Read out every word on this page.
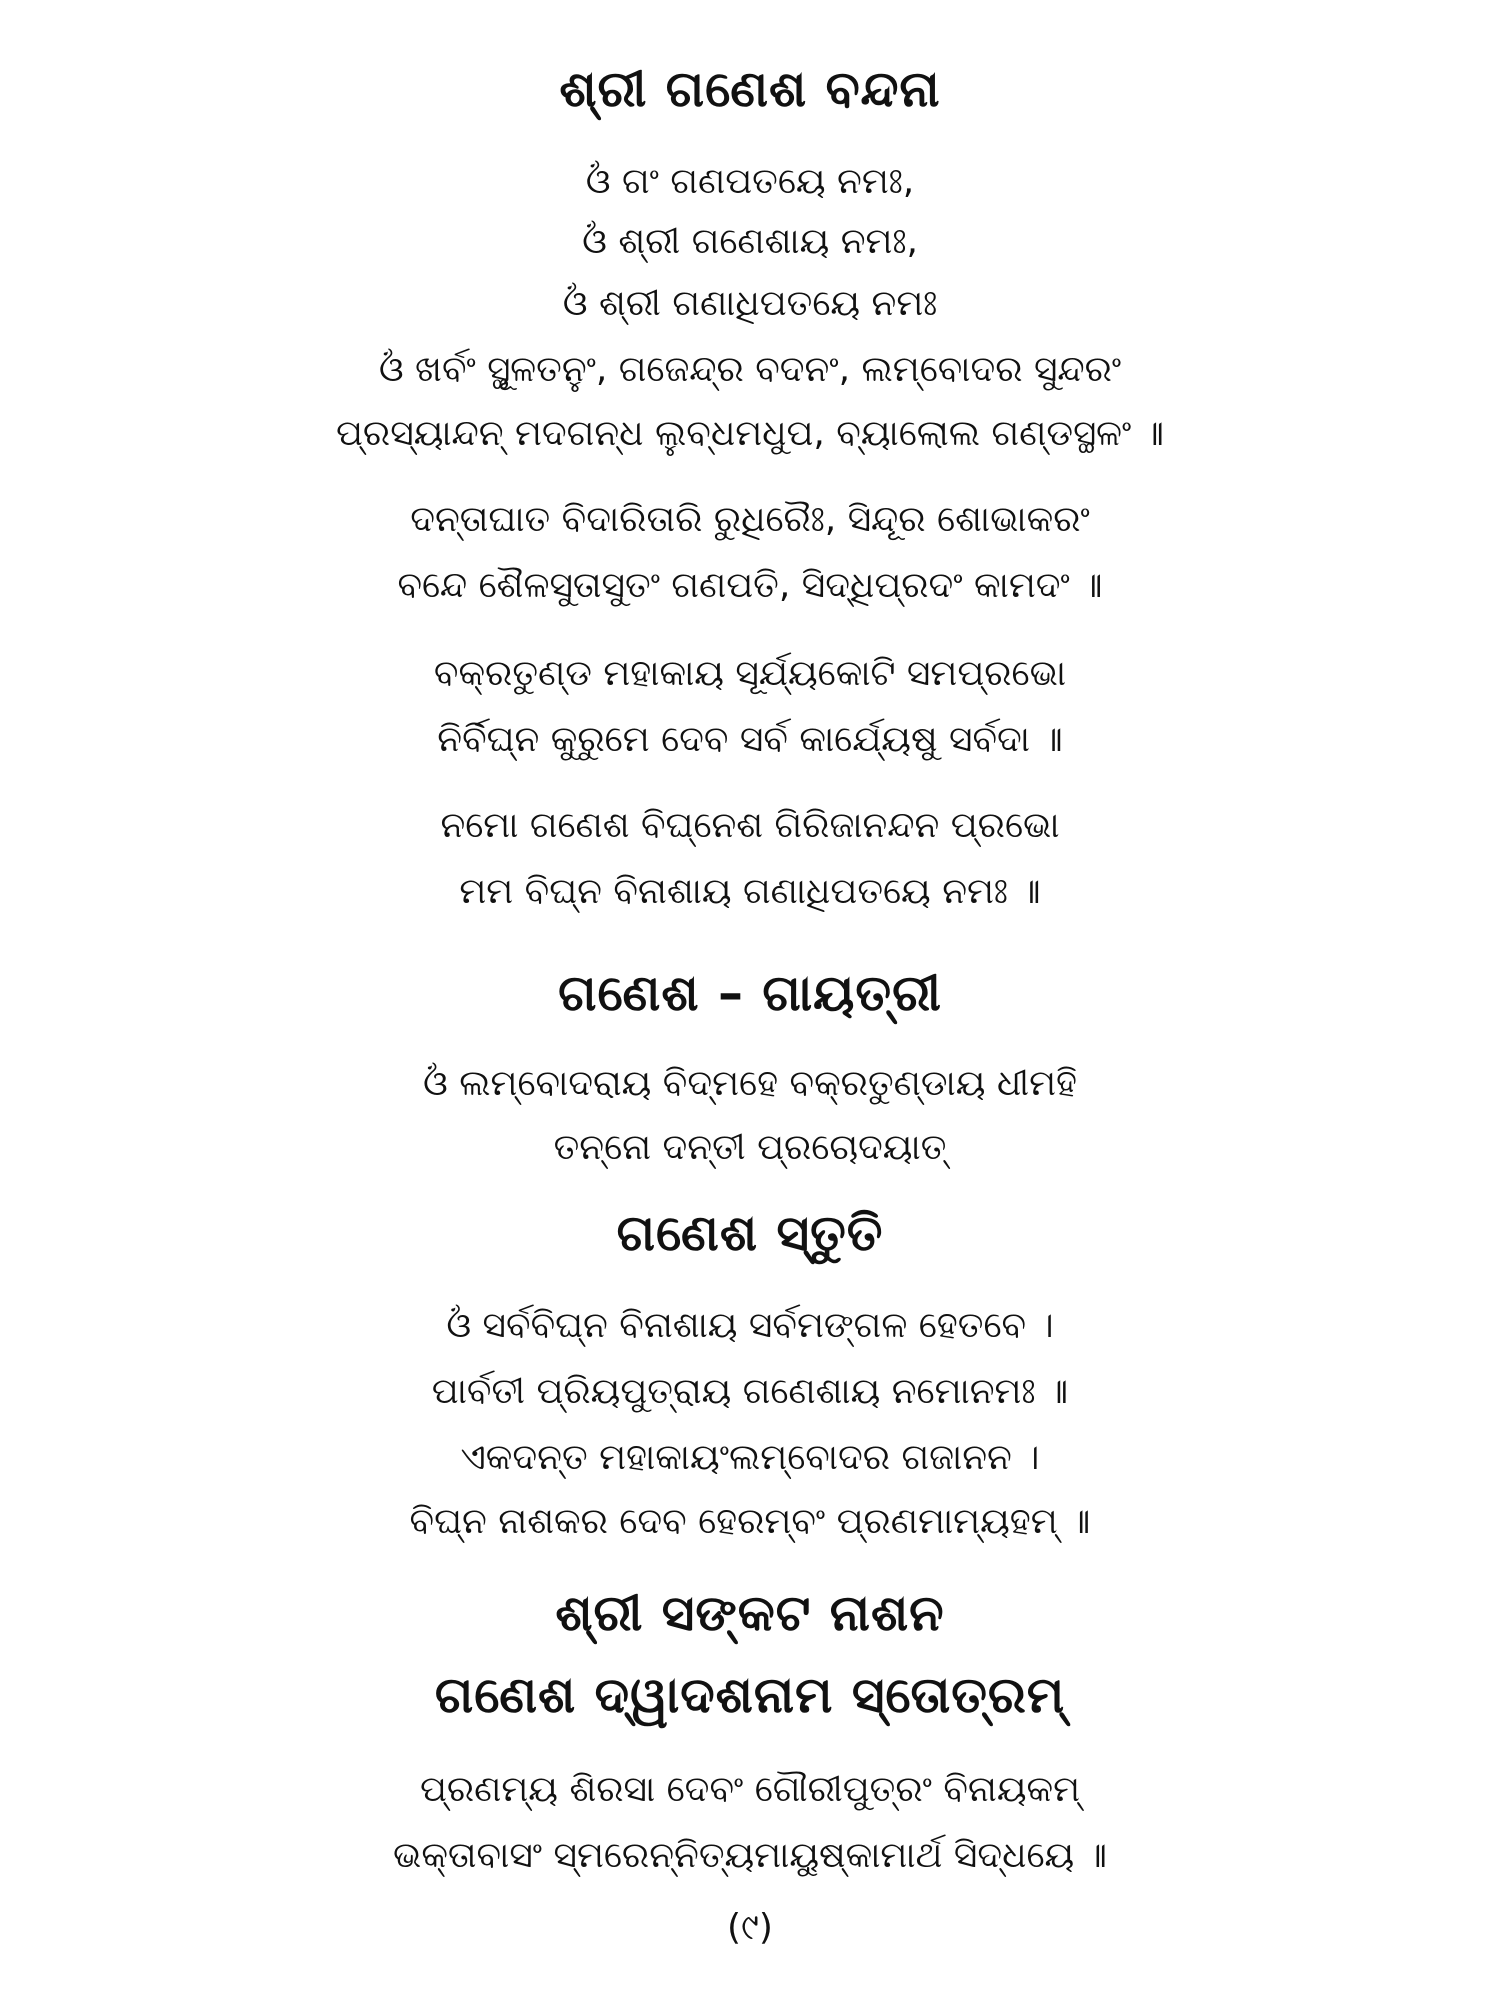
ଶ୍ରୀ ଗଣେଶ ବନ୍ଦନା
ଓଁ ଗଂ ଗଣପତୟେ ନମଃ,
ଓଁ ଶ୍ରୀ ଗଣେଶାୟ ନମଃ,
ଓଁ ଶ୍ରୀ ଗଣାଧିପତୟେ ନମଃ
ଓଁ ଖର୍ବଂ ସ୍ଥୂଳତନୁଂ, ଗଜେନ୍ଦ୍ର ବଦନଂ, ଲମ୍ବୋଦର ସୁନ୍ଦରଂ
ପ୍ରସ୍ୟାନ୍ଦନ୍ ମଦଗନ୍ଧ ଲୁବ୍ଧମଧୁପ, ବ୍ୟାଲୋଲ ଗଣ୍ଡସ୍ଥଳଂ ॥
ଦନ୍ତାଘାତ ବିଦାରିତାରି ରୁଧିରୈଃ, ସିନ୍ଦୂର ଶୋଭାକରଂ
ବନ୍ଦେ ଶୈଳସୁତାସୁତଂ ଗଣପତି, ସିଦ୍ଧିପ୍ରଦଂ କାମଦଂ ॥
ବକ୍ରତୁଣ୍ଡ ମହାକାୟ ସୂର୍ଯ୍ୟକୋଟି ସମପ୍ରଭୋ
ନିର୍ବିଘ୍ନ କୁରୁମେ ଦେବ ସର୍ବ କାର୍ଯ୍ୟେଷୁ ସର୍ବଦା ॥
ନମୋ ଗଣେଶ ବିଘ୍ନେଶ ଗିରିଜାନନ୍ଦନ ପ୍ରଭୋ
ମମ ବିଘ୍ନ ବିନାଶାୟ ଗଣାଧିପତୟେ ନମଃ ॥
ଗଣେଶ – ଗାୟତ୍ରୀ
ଓଁ ଲମ୍ବୋଦରାୟ ବିଦ୍ମହେ ବକ୍ରତୁଣ୍ଡାୟ ଧୀମହି
ତନ୍ନୋ ଦନ୍ତୀ ପ୍ରଚୋଦୟାତ୍
ଗଣେଶ ସ୍ତୁତି
ଓଁ ସର୍ବବିଘ୍ନ ବିନାଶାୟ ସର୍ବମଙ୍ଗଳ ହେତବେ ।
ପାର୍ବତୀ ପ୍ରିୟପୁତ୍ରାୟ ଗଣେଶାୟ ନମୋନମଃ ॥
ଏକଦନ୍ତ ମହାକାୟଂଲମ୍ବୋଦର ଗଜାନନ ।
ବିଘ୍ନ ନାଶକର ଦେବ ହେରମ୍ବଂ ପ୍ରଣମାମ୍ୟହମ୍ ॥
ଶ୍ରୀ ସଙ୍କଟ ନାଶନ
ଗଣେଶ ଦ୍ୱାଦଶନାମ ସ୍ତୋତ୍ରମ୍
ପ୍ରଣମ୍ୟ ଶିରସା ଦେବଂ ଗୌରୀପୁତ୍ରଂ ବିନାୟକମ୍
ଭକ୍ତାବାସଂ ସ୍ମରେନ୍ନିତ୍ୟମାୟୁଷ୍କାମାର୍ଥ ସିଦ୍ଧୟେ ॥
(୯)
